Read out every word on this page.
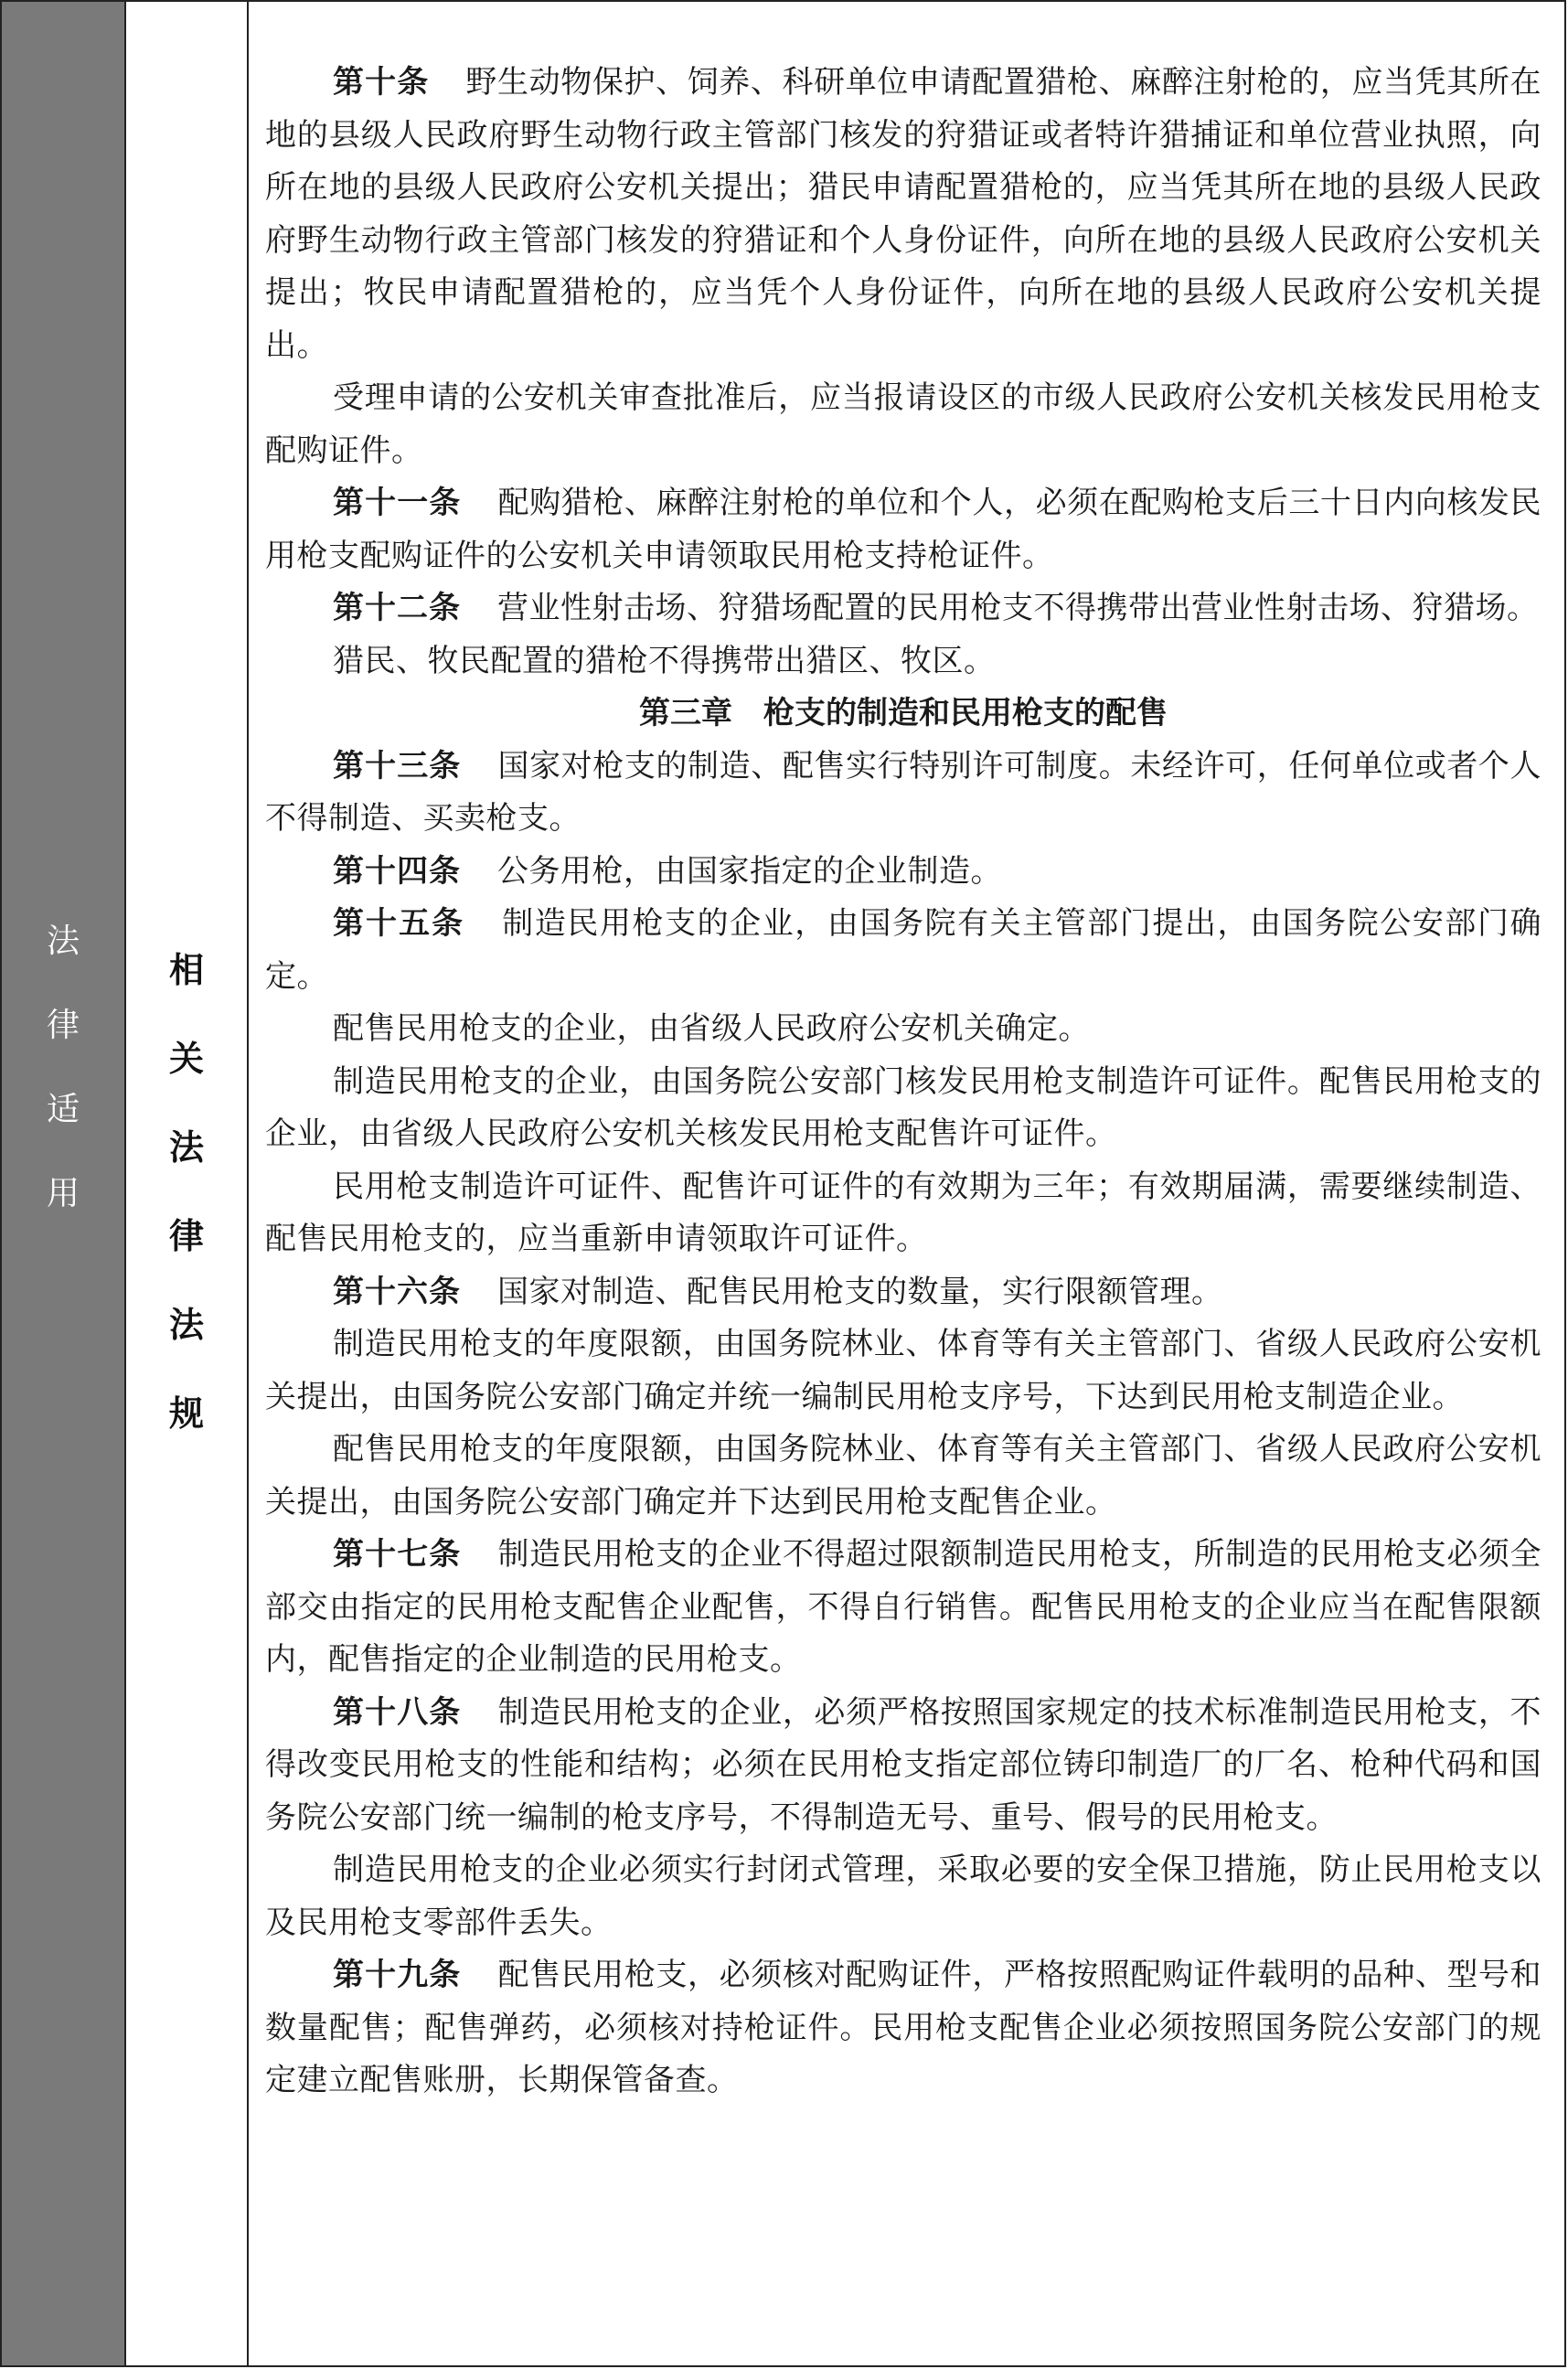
法
律
适
用
相
关
法
律
法
规

第十条 野生动物保护、饲养、科研单位申请配置猎枪、麻醉注射枪的，应当凭其所在地的县级人民政府野生动物行政主管部门核发的狩猎证或者特许猎捕证和单位营业执照，向所在地的县级人民政府公安机关提出；猎民申请配置猎枪的，应当凭其所在地的县级人民政府野生动物行政主管部门核发的狩猎证和个人身份证件，向所在地的县级人民政府公安机关提出；牧民申请配置猎枪的，应当凭个人身份证件，向所在地的县级人民政府公安机关提出。

受理申请的公安机关审查批准后，应当报请设区的市级人民政府公安机关核发民用枪支配购证件。

第十一条 配购猎枪、麻醉注射枪的单位和个人，必须在配购枪支后三十日内向核发民用枪支配购证件的公安机关申请领取民用枪支持枪证件。

第十二条 营业性射击场、狩猎场配置的民用枪支不得携带出营业性射击场、狩猎场。

猎民、牧民配置的猎枪不得携带出猎区、牧区。

第三章　枪支的制造和民用枪支的配售

第十三条 国家对枪支的制造、配售实行特别许可制度。未经许可，任何单位或者个人不得制造、买卖枪支。

第十四条 公务用枪，由国家指定的企业制造。

第十五条 制造民用枪支的企业，由国务院有关主管部门提出，由国务院公安部门确定。

配售民用枪支的企业，由省级人民政府公安机关确定。

制造民用枪支的企业，由国务院公安部门核发民用枪支制造许可证件。配售民用枪支的企业，由省级人民政府公安机关核发民用枪支配售许可证件。

民用枪支制造许可证件、配售许可证件的有效期为三年；有效期届满，需要继续制造、配售民用枪支的，应当重新申请领取许可证件。

第十六条 国家对制造、配售民用枪支的数量，实行限额管理。

制造民用枪支的年度限额，由国务院林业、体育等有关主管部门、省级人民政府公安机关提出，由国务院公安部门确定并统一编制民用枪支序号，下达到民用枪支制造企业。

配售民用枪支的年度限额，由国务院林业、体育等有关主管部门、省级人民政府公安机关提出，由国务院公安部门确定并下达到民用枪支配售企业。

第十七条 制造民用枪支的企业不得超过限额制造民用枪支，所制造的民用枪支必须全部交由指定的民用枪支配售企业配售，不得自行销售。配售民用枪支的企业应当在配售限额内，配售指定的企业制造的民用枪支。

第十八条 制造民用枪支的企业，必须严格按照国家规定的技术标准制造民用枪支，不得改变民用枪支的性能和结构；必须在民用枪支指定部位铸印制造厂的厂名、枪种代码和国务院公安部门统一编制的枪支序号，不得制造无号、重号、假号的民用枪支。

制造民用枪支的企业必须实行封闭式管理，采取必要的安全保卫措施，防止民用枪支以及民用枪支零部件丢失。

第十九条 配售民用枪支，必须核对配购证件，严格按照配购证件载明的品种、型号和数量配售；配售弹药，必须核对持枪证件。民用枪支配售企业必须按照国务院公安部门的规定建立配售账册，长期保管备查。
